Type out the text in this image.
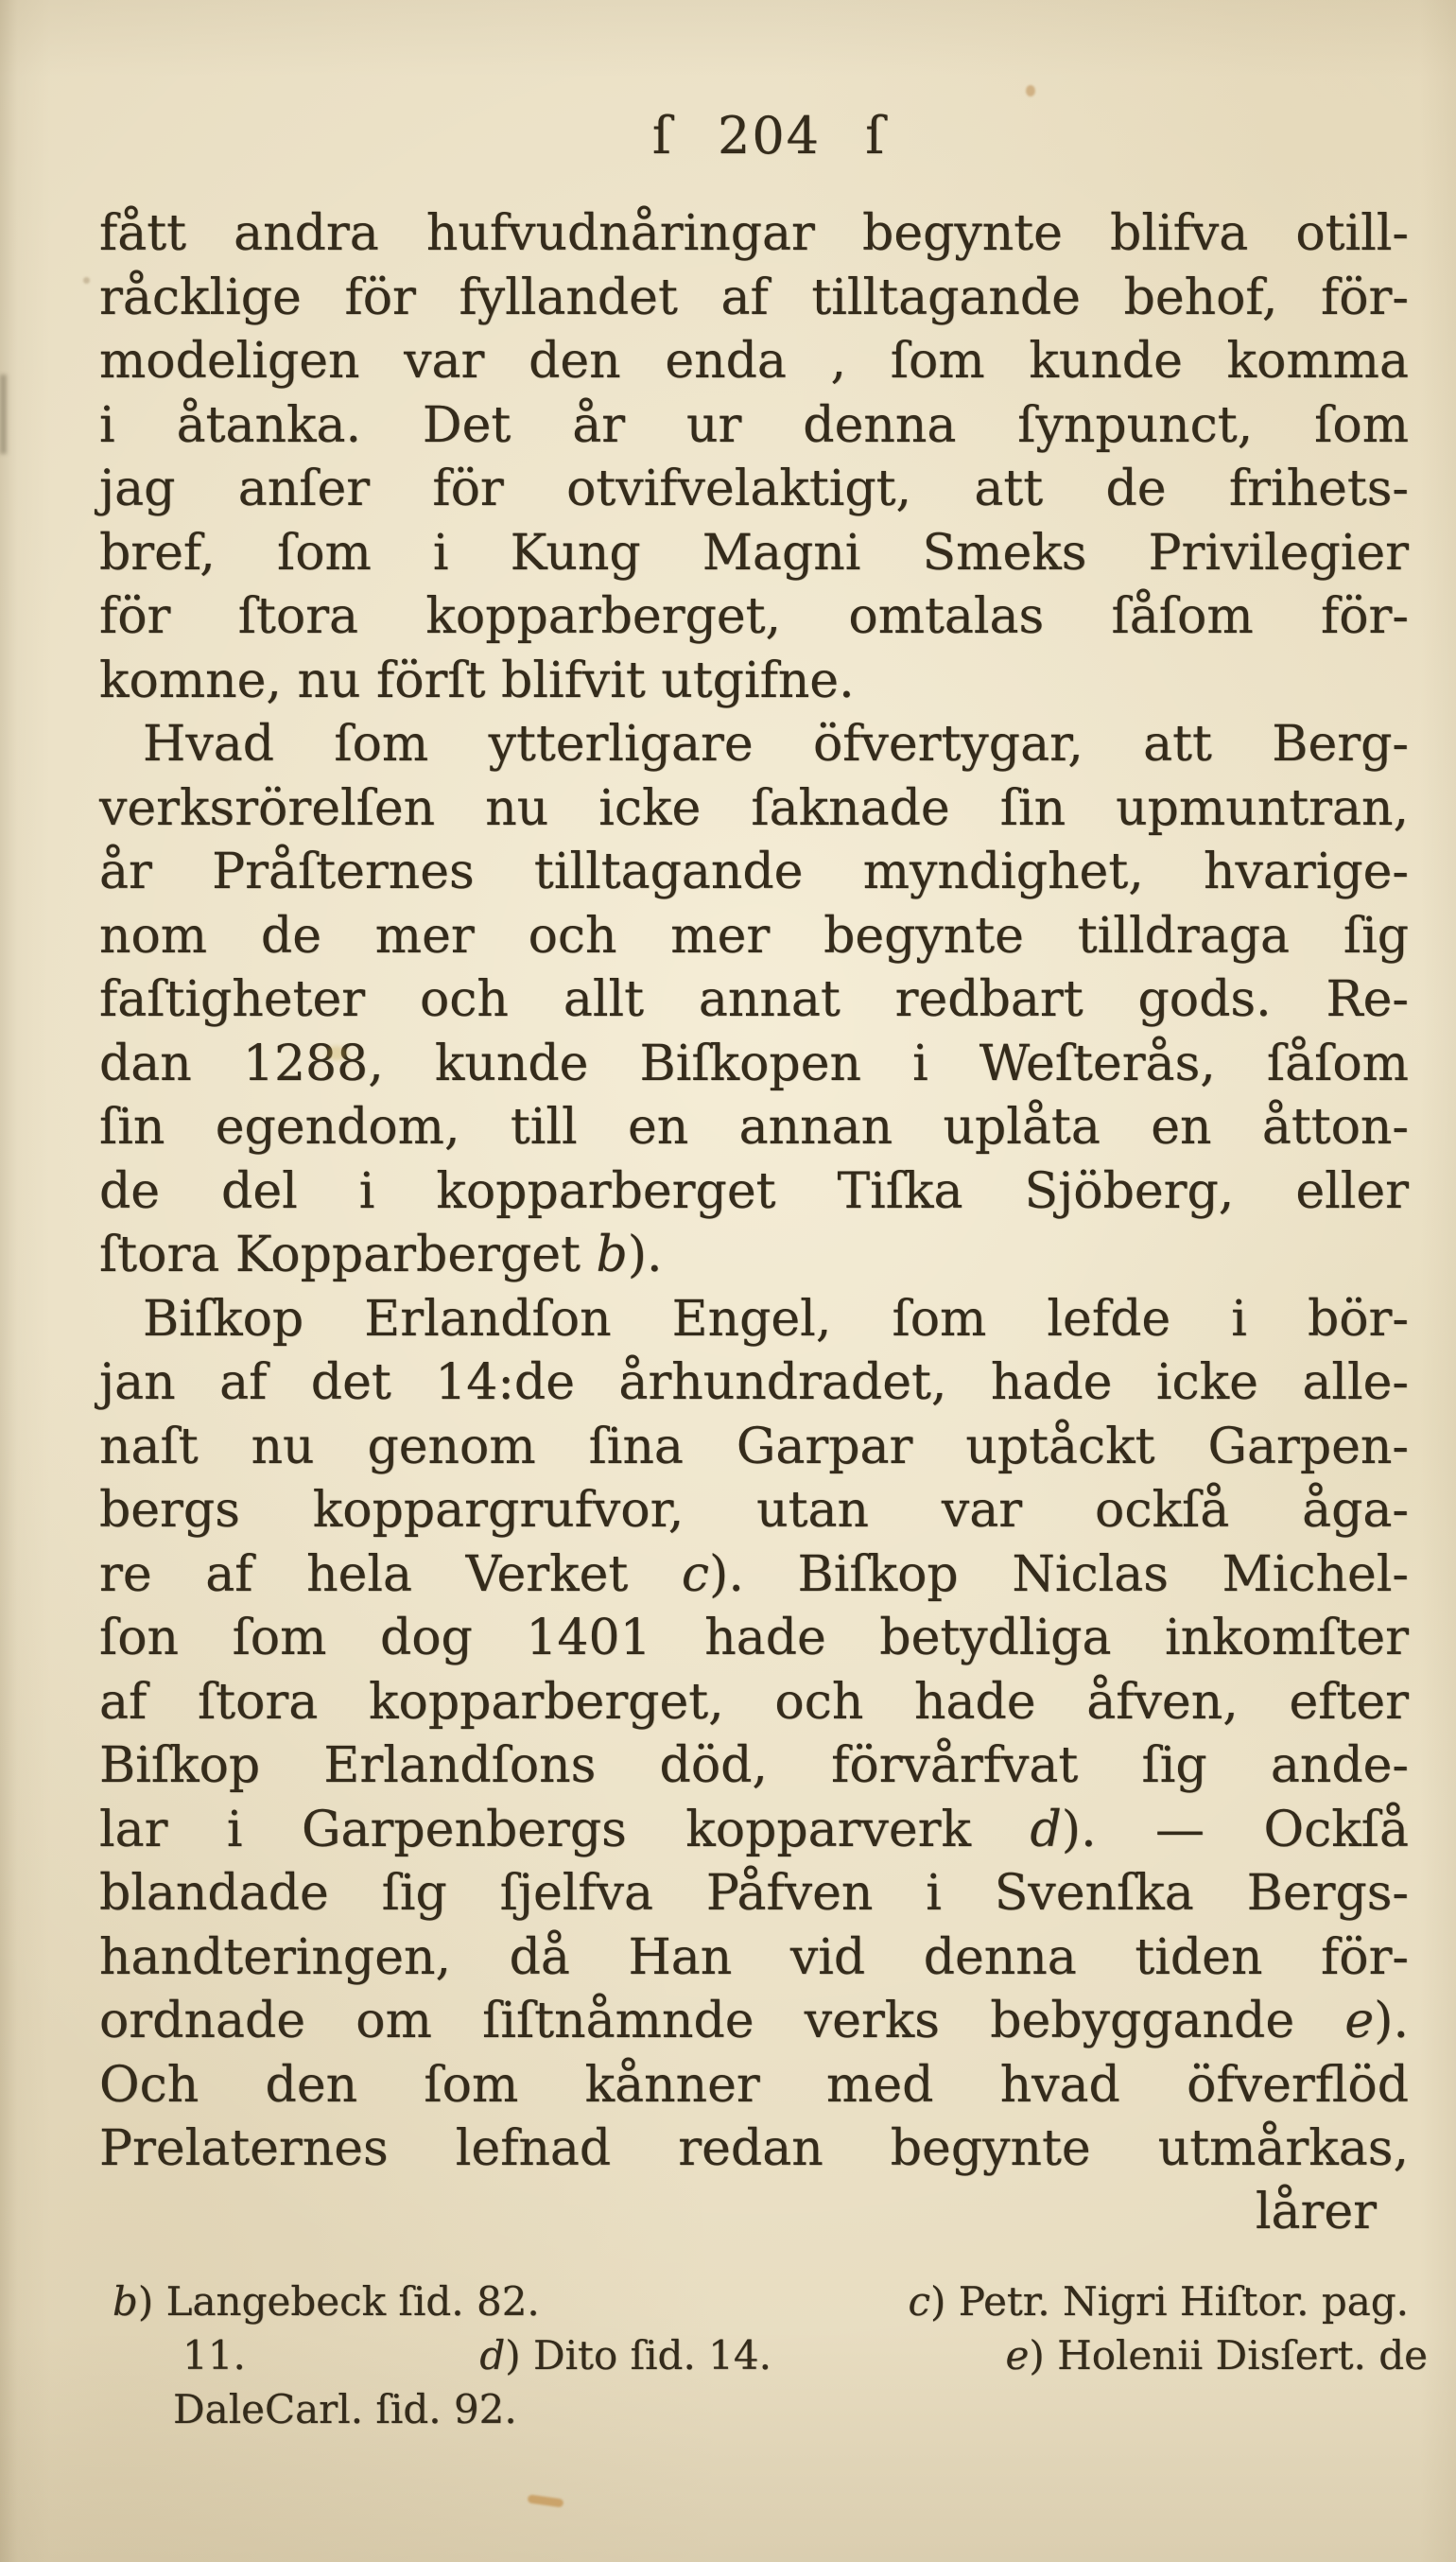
ſ 204 ſ
fått andra hufvudnåringar begynte blifva otill-
råcklige för fyllandet af tilltagande behof, för-
modeligen var den enda , ſom kunde komma
i åtanka. Det år ur denna ſynpunct, ſom
jag anſer för otvifvelaktigt, att de frihets-
bref, ſom i Kung Magni Smeks Privilegier
för ſtora kopparberget, omtalas ſåſom för-
komne, nu förſt blifvit utgifne.
Hvad ſom ytterligare öfvertygar, att Berg-
verksrörelſen nu icke ſaknade ſin upmuntran,
år Pråſternes tilltagande myndighet, hvarige-
nom de mer och mer begynte tilldraga ſig
faſtigheter och allt annat redbart gods. Re-
dan 1288, kunde Biſkopen i Weſterås, ſåſom
ſin egendom, till en annan uplåta en åtton-
de del i kopparberget Tiſka Sjöberg, eller
ſtora Kopparberget b).
Biſkop Erlandſon Engel, ſom lefde i bör-
jan af det 14:de århundradet, hade icke alle-
naſt nu genom ſina Garpar uptåckt Garpen-
bergs koppargrufvor, utan var ockſå åga-
re af hela Verket c). Biſkop Niclas Michel-
ſon ſom dog 1401 hade betydliga inkomſter
af ſtora kopparberget, och hade åfven, efter
Biſkop Erlandſons död, förvårfvat ſig ande-
lar i Garpenbergs kopparverk d). — Ockſå
blandade ſig ſjelfva Påfven i Svenſka Bergs-
handteringen, då Han vid denna tiden för-
ordnade om ſiſtnåmnde verks bebyggande e).
Och den ſom kånner med hvad öfverflöd
Prelaternes lefnad redan begynte utmårkas,
lårer
b) Langebeck ſid. 82.	c) Petr. Nigri Hiſtor. pag.
11.	d) Dito ſid. 14.	e) Holenii Disſert. de
DaleCarl. ſid. 92.
